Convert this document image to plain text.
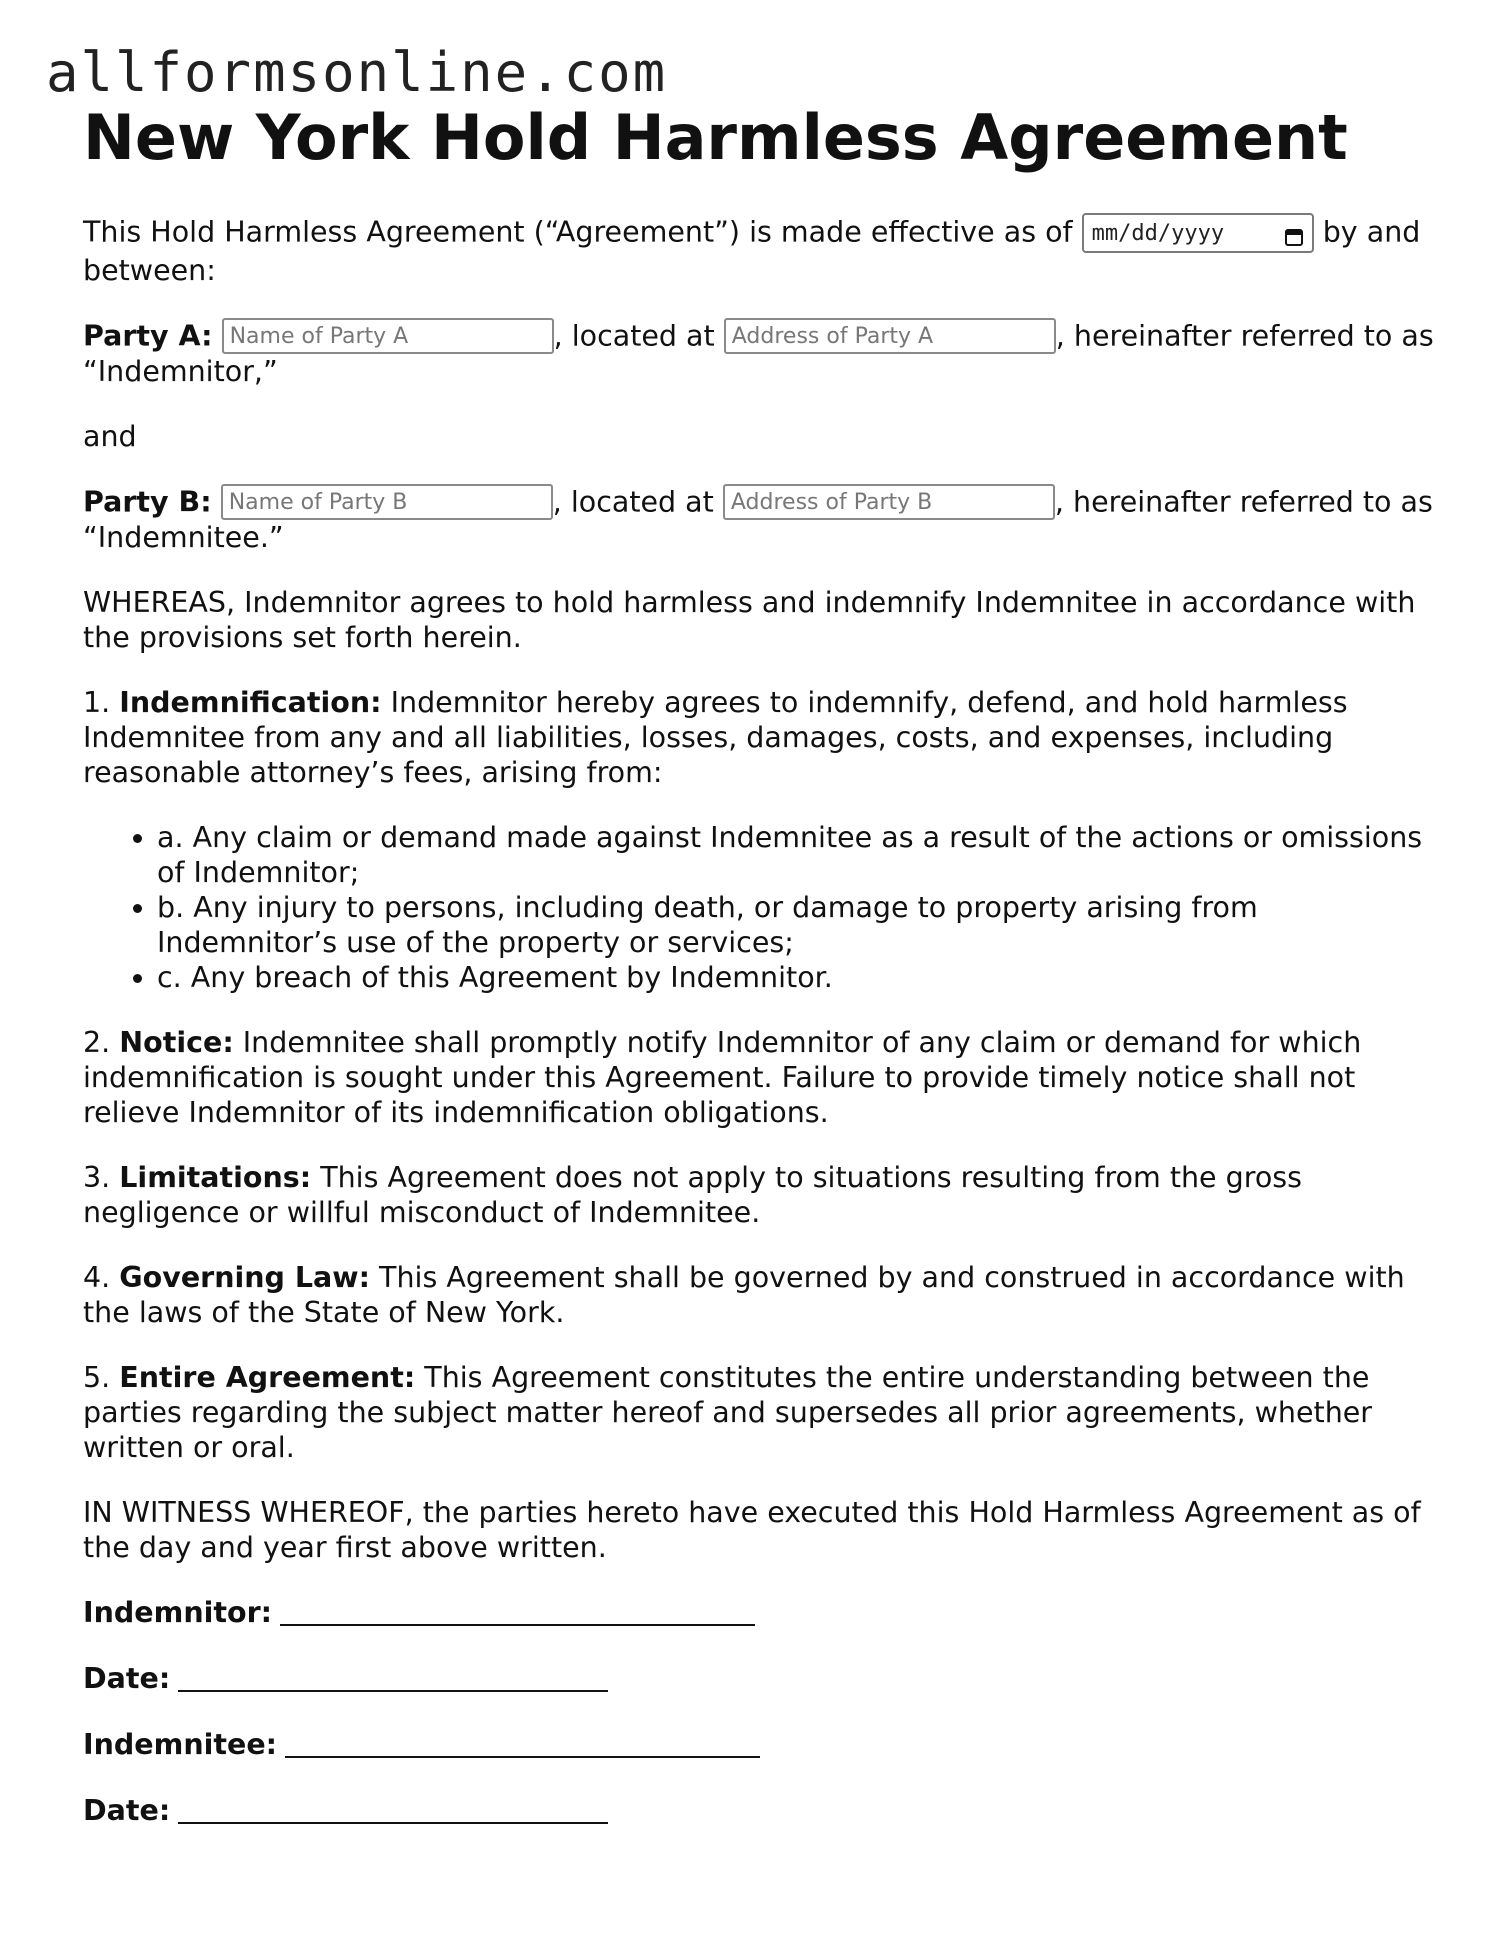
allformsonline.com
New York Hold Harmless Agreement

This Hold Harmless Agreement (“Agreement”) is made effective as of mm/dd/yyyy	by and between:

Party A: Name of Party A	, located at Address of Party A	, hereinafter referred to as “Indemnitor,”

and

Party B: Name of Party B	, located at Address of Party B	, hereinafter referred to as “Indemnitee.”

WHEREAS, Indemnitor agrees to hold harmless and indemnify Indemnitee in accordance with the provisions set forth herein.

1. Indemnification: Indemnitor hereby agrees to indemnify, defend, and hold harmless Indemnitee from any and all liabilities, losses, damages, costs, and expenses, including reasonable attorney’s fees, arising from:

• a. Any claim or demand made against Indemnitee as a result of the actions or omissions of Indemnitor;
• b. Any injury to persons, including death, or damage to property arising from Indemnitor’s use of the property or services;
• c. Any breach of this Agreement by Indemnitor.

2. Notice: Indemnitee shall promptly notify Indemnitor of any claim or demand for which indemnification is sought under this Agreement. Failure to provide timely notice shall not relieve Indemnitor of its indemnification obligations.

3. Limitations: This Agreement does not apply to situations resulting from the gross negligence or willful misconduct of Indemnitee.

4. Governing Law: This Agreement shall be governed by and construed in accordance with the laws of the State of New York.

5. Entire Agreement: This Agreement constitutes the entire understanding between the parties regarding the subject matter hereof and supersedes all prior agreements, whether written or oral.

IN WITNESS WHEREOF, the parties hereto have executed this Hold Harmless Agreement as of the day and year first above written.

Indemnitor:
Date:
Indemnitee:
Date:
